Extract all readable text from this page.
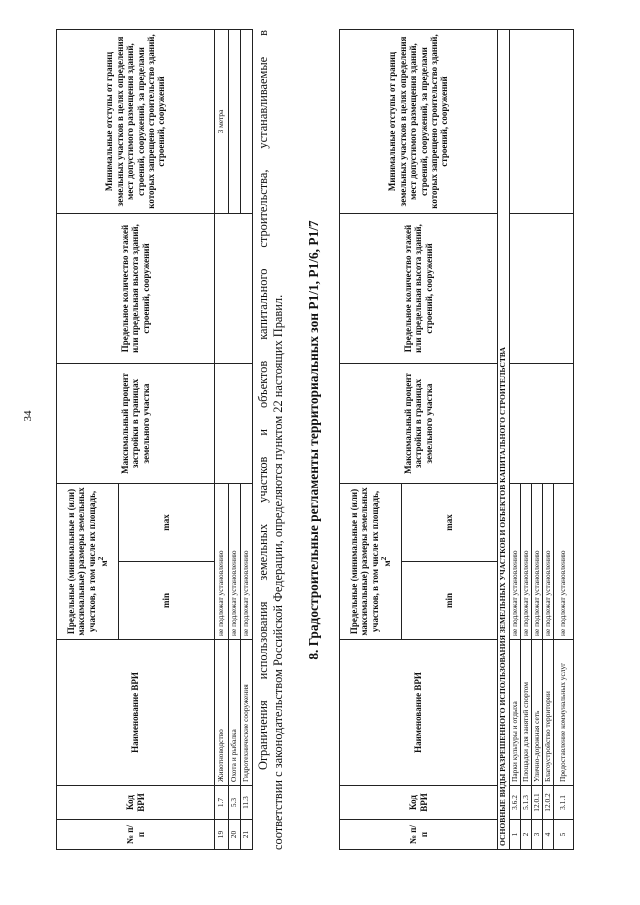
34
№ п/п	Код ВРИ	Наименование ВРИ	Предельные (минимальные и (или) максимальные) размеры земельных участков, в том числе их площадь, $м^2$		Максимальный процент застройки в границах земельного участка	Предельное количество этажей или предельная высота зданий, строений, сооружений	Минимальные отступы от границ земельных участков в целях определения мест допустимого размещения зданий, строений, сооружений, за пределами которых запрещено строительство зданий, строений, сооружений
			min	max			
19	1.7	Животноводство	не подлежат установлению				3 метра
20	5.3	Охота и рыбалка	не подлежат установлению				
21	11.3	Гидротехнические сооружения	не подлежат установлению				Ограничения использования земельных участков и объектов капитального строительства, устанавливаемые в соответствии с законодательством Российской Федерации, определяются пунктом 22 настоящих Правил. 8. Градостроительные регламенты территориальных зон Р1/1, Р1/6, Р1/7
№ п/п	Код ВРИ	Наименование ВРИ	Предельные (минимальные и (или) максимальные) размеры земельных участков, в том числе их площадь, $м^2$		Максимальный процент застройки в границах земельного участка	Предельное количество этажей или предельная высота зданий, строений, сооружений	Минимальные отступы от границ земельных участков в целях определения мест допустимого размещения зданий, строений, сооружений, за пределами которых запрещено строительство зданий, строений, сооружений
			min	max			
ОСНОВНЫЕ ВИДЫ РАЗРЕШЕННОГО ИСПОЛЬЗОВАНИЯ ЗЕМЕЛЬНЫХ УЧАСТКОВ И ОБЪЕКТОВ КАПИТАЛЬНОГО СТРОИТЕЛЬСТВА							
1	3.6.2	Парки культуры и отдыха	не подлежат установлению				
2	5.1.3	Площадки для занятий спортом	не подлежат установлению				
3	12.0.1	Улично-дорожная сеть	не подлежат установлению				
4	12.0.2	Благоустройство территории	не подлежат установлению				
5	3.1.1	Предоставление коммунальных услуг	не подлежат установлению				
